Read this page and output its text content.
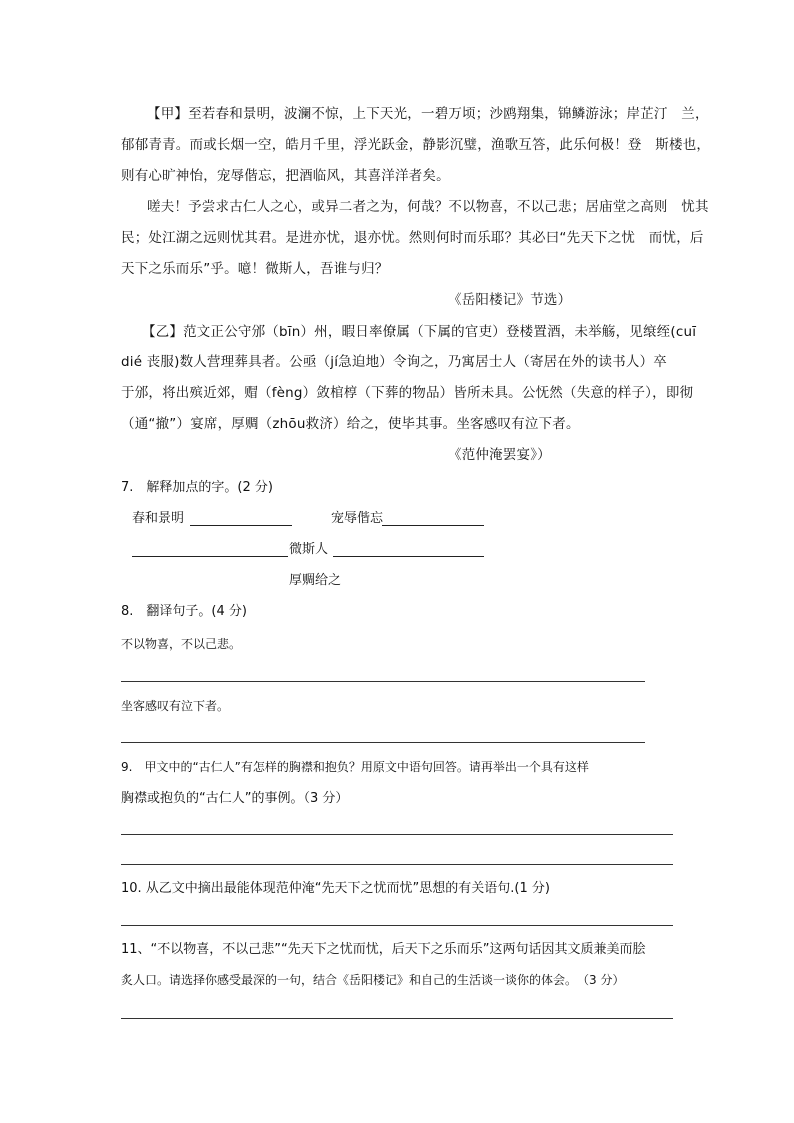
【甲】至若春和景明，波澜不惊，上下天光，一碧万顷；沙鸥翔集，锦鳞游泳；岸芷汀　兰，
郁郁青青。而或长烟一空，皓月千里，浮光跃金，静影沉璧，渔歌互答，此乐何极！登　斯楼也，
则有心旷神怡，宠辱偕忘，把酒临风，其喜洋洋者矣。
嗟夫！予尝求古仁人之心，或异二者之为，何哉？不以物喜，不以己悲；居庙堂之高则　忧其
民；处江湖之远则忧其君。是进亦忧，退亦忧。然则何时而乐耶？其必曰“先天下之忧　而忧，后
天下之乐而乐”乎。噫！微斯人，吾谁与归？
《岳阳楼记》节选）
【乙】范文正公守邠（bīn）州，暇日率僚属（下属的官吏）登楼置酒，未举觞，见缞绖(cuī
dié 丧服)数人营理葬具者。公亟（jí急迫地）令询之，乃寓居士人（寄居在外的读书人）卒
于邠，将出殡近郊，赗（fèng）敛棺椁（下葬的物品）皆所未具。公怃然（失意的样子），即彻
（通“撤”）宴席，厚赒（zhōu救济）给之，使毕其事。坐客感叹有泣下者。
《范仲淹罢宴》）
7.　解释加点的字。(2 分)
春和景明	宠辱偕忘
微斯人
厚赒给之
8.　翻译句子。(4 分)
不以物喜，不以己悲。
坐客感叹有泣下者。
9.　甲文中的“古仁人”有怎样的胸襟和抱负？用原文中语句回答。请再举出一个具有这样
胸襟或抱负的“古仁人”的事例。（3 分）
10. 从乙文中摘出最能体现范仲淹“先天下之忧而忧”思想的有关语句.(1 分)
11、“不以物喜，不以己悲”“先天下之忧而忧，后天下之乐而乐”这两句话因其文质兼美而脍
炙人口。请选择你感受最深的一句，结合《岳阳楼记》和自己的生活谈一谈你的体会。　（3 分）
